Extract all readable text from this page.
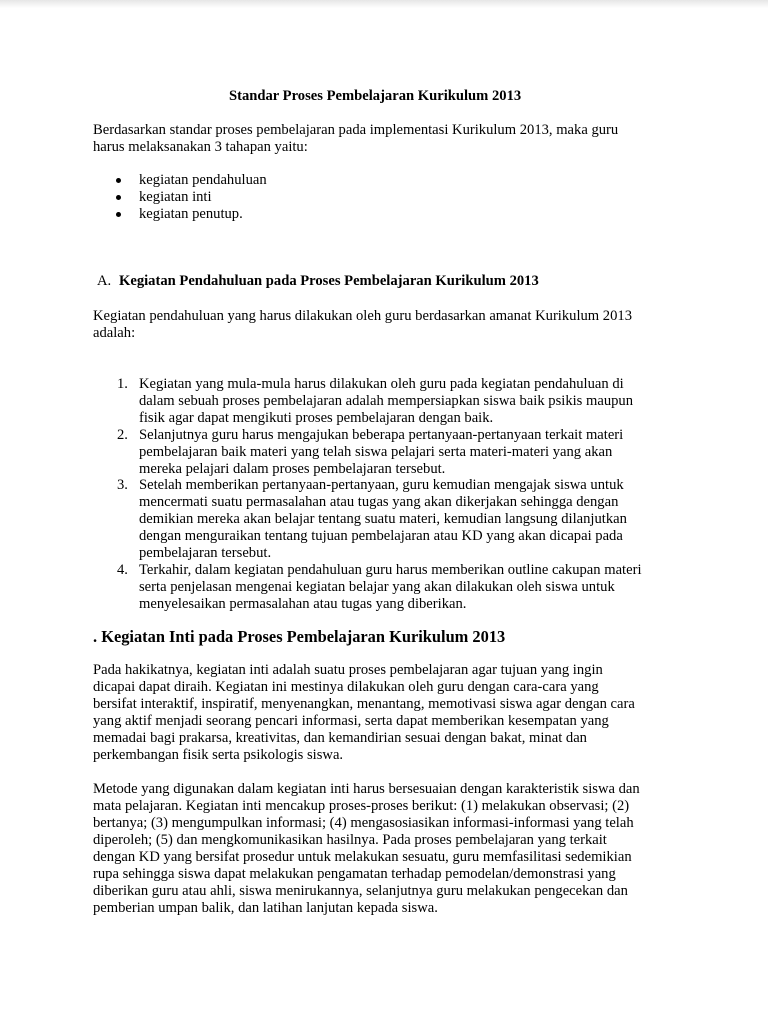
Standar Proses Pembelajaran Kurikulum 2013
Berdasarkan standar proses pembelajaran pada implementasi Kurikulum 2013, maka guru
harus melaksanakan 3 tahapan yaitu:
kegiatan pendahuluan
kegiatan inti
kegiatan penutup.
A. Kegiatan Pendahuluan pada Proses Pembelajaran Kurikulum 2013
Kegiatan pendahuluan yang harus dilakukan oleh guru berdasarkan amanat Kurikulum 2013
adalah:
1. Kegiatan yang mula-mula harus dilakukan oleh guru pada kegiatan pendahuluan di
dalam sebuah proses pembelajaran adalah mempersiapkan siswa baik psikis maupun
fisik agar dapat mengikuti proses pembelajaran dengan baik.
2. Selanjutnya guru harus mengajukan beberapa pertanyaan-pertanyaan terkait materi
pembelajaran baik materi yang telah siswa pelajari serta materi-materi yang akan
mereka pelajari dalam proses pembelajaran tersebut.
3. Setelah memberikan pertanyaan-pertanyaan, guru kemudian mengajak siswa untuk
mencermati suatu permasalahan atau tugas yang akan dikerjakan sehingga dengan
demikian mereka akan belajar tentang suatu materi, kemudian langsung dilanjutkan
dengan menguraikan tentang tujuan pembelajaran atau KD yang akan dicapai pada
pembelajaran tersebut.
4. Terkahir, dalam kegiatan pendahuluan guru harus memberikan outline cakupan materi
serta penjelasan mengenai kegiatan belajar yang akan dilakukan oleh siswa untuk
menyelesaikan permasalahan atau tugas yang diberikan.
. Kegiatan Inti pada Proses Pembelajaran Kurikulum 2013
Pada hakikatnya, kegiatan inti adalah suatu proses pembelajaran agar tujuan yang ingin
dicapai dapat diraih. Kegiatan ini mestinya dilakukan oleh guru dengan cara-cara yang
bersifat interaktif, inspiratif, menyenangkan, menantang, memotivasi siswa agar dengan cara
yang aktif menjadi seorang pencari informasi, serta dapat memberikan kesempatan yang
memadai bagi prakarsa, kreativitas, dan kemandirian sesuai dengan bakat, minat dan
perkembangan fisik serta psikologis siswa.
Metode yang digunakan dalam kegiatan inti harus bersesuaian dengan karakteristik siswa dan
mata pelajaran. Kegiatan inti mencakup proses-proses berikut: (1) melakukan observasi; (2)
bertanya; (3) mengumpulkan informasi; (4) mengasosiasikan informasi-informasi yang telah
diperoleh; (5) dan mengkomunikasikan hasilnya. Pada proses pembelajaran yang terkait
dengan KD yang bersifat prosedur untuk melakukan sesuatu, guru memfasilitasi sedemikian
rupa sehingga siswa dapat melakukan pengamatan terhadap pemodelan/demonstrasi yang
diberikan guru atau ahli, siswa menirukannya, selanjutnya guru melakukan pengecekan dan
pemberian umpan balik, dan latihan lanjutan kepada siswa.
